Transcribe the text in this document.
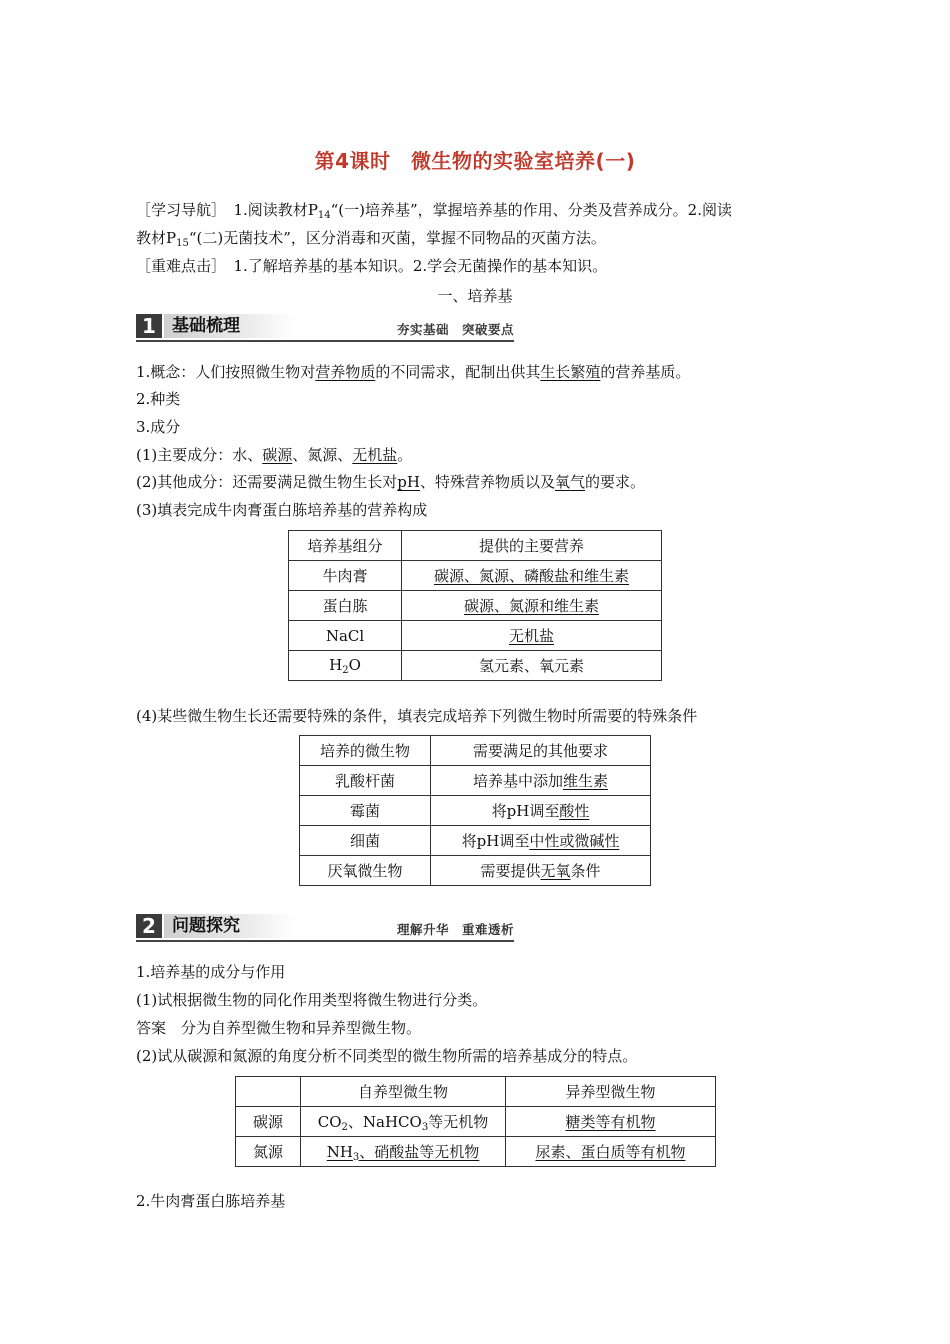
第4课时　微生物的实验室培养(一)
［学习导航］　1.阅读教材$P_{14}“$(一)培养基”，掌握培养基的作用、分类及营养成分。2.阅读
教材$P_{15}“$(二)无菌技术”，区分消毒和灭菌，掌握不同物品的灭菌方法。
［重难点击］　1.了解培养基的基本知识。2.学会无菌操作的基本知识。
一、培养基
1 基础梳理	夯实基础　突破要点
1.概念：人们按照微生物对营养物质的不同需求，配制出供其生长繁殖的营养基质。
2.种类
3.成分
(1)主要成分：水、碳源、氮源、无机盐。
(2)其他成分：还需要满足微生物生长对pH、特殊营养物质以及氧气的要求。
(3)填表完成牛肉膏蛋白胨培养基的营养构成
培养基组分	提供的主要营养
牛肉膏	碳源、氮源、磷酸盐和维生素
蛋白胨	碳源、氮源和维生素
NaCl	无机盐
$H_2O$	氢元素、氧元素
(4)某些微生物生长还需要特殊的条件，填表完成培养下列微生物时所需要的特殊条件
培养的微生物	需要满足的其他要求
乳酸杆菌	培养基中添加维生素
霉菌	将pH调至酸性
细菌	将pH调至中性或微碱性
厌氧微生物	需要提供无氧条件
2 问题探究	理解升华　重难透析
1.培养基的成分与作用
(1)试根据微生物的同化作用类型将微生物进行分类。
答案　分为自养型微生物和异养型微生物。
(2)试从碳源和氮源的角度分析不同类型的微生物所需的培养基成分的特点。
	自养型微生物	异养型微生物
碳源	$CO_2$、NaHCO$_3$等无机物	糖类等有机物
氮源	$NH_3$、硝酸盐等无机物	尿素、蛋白质等有机物
2.牛肉膏蛋白胨培养基
